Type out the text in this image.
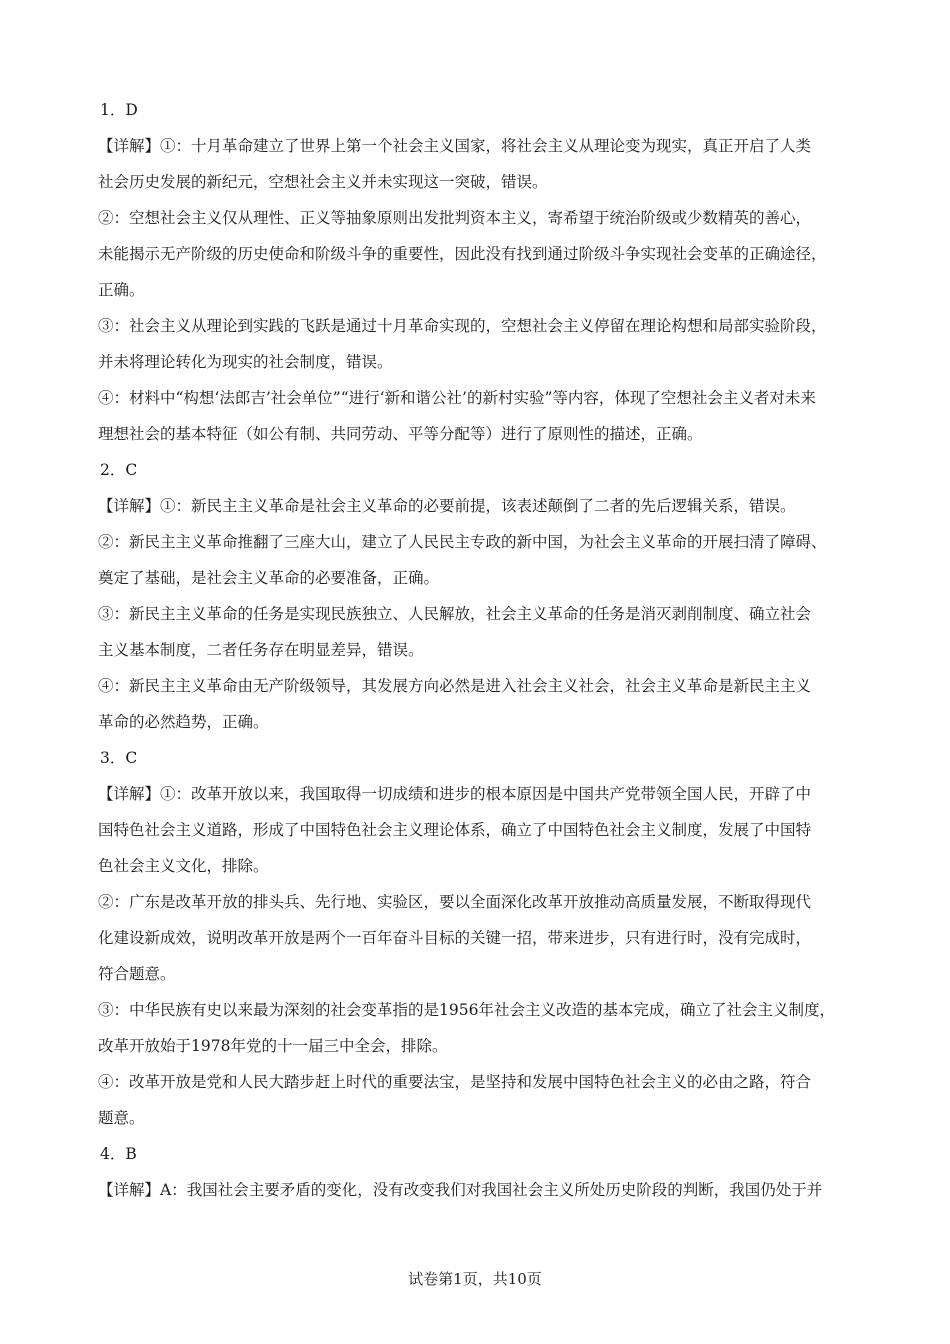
1．D
【详解】①：十月革命建立了世界上第一个社会主义国家，将社会主义从理论变为现实，真正开启了人类
社会历史发展的新纪元，空想社会主义并未实现这一突破，错误。
②：空想社会主义仅从理性、正义等抽象原则出发批判资本主义，寄希望于统治阶级或少数精英的善心，
未能揭示无产阶级的历史使命和阶级斗争的重要性，因此没有找到通过阶级斗争实现社会变革的正确途径，
正确。
③：社会主义从理论到实践的飞跃是通过十月革命实现的，空想社会主义停留在理论构想和局部实验阶段，
并未将理论转化为现实的社会制度，错误。
④：材料中“构想‘法郎吉’社会单位”“进行‘新和谐公社’的新村实验”等内容，体现了空想社会主义者对未来
理想社会的基本特征（如公有制、共同劳动、平等分配等）进行了原则性的描述，正确。
2．C
【详解】①：新民主主义革命是社会主义革命的必要前提，该表述颠倒了二者的先后逻辑关系，错误。
②：新民主主义革命推翻了三座大山，建立了人民民主专政的新中国，为社会主义革命的开展扫清了障碍、
奠定了基础，是社会主义革命的必要准备，正确。
③：新民主主义革命的任务是实现民族独立、人民解放，社会主义革命的任务是消灭剥削制度、确立社会
主义基本制度，二者任务存在明显差异，错误。
④：新民主主义革命由无产阶级领导，其发展方向必然是进入社会主义社会，社会主义革命是新民主主义
革命的必然趋势，正确。
3．C
【详解】①：改革开放以来，我国取得一切成绩和进步的根本原因是中国共产党带领全国人民，开辟了中
国特色社会主义道路，形成了中国特色社会主义理论体系，确立了中国特色社会主义制度，发展了中国特
色社会主义文化，排除。
②：广东是改革开放的排头兵、先行地、实验区，要以全面深化改革开放推动高质量发展，不断取得现代
化建设新成效，说明改革开放是两个一百年奋斗目标的关键一招，带来进步，只有进行时，没有完成时，
符合题意。
③：中华民族有史以来最为深刻的社会变革指的是1956年社会主义改造的基本完成，确立了社会主义制度，
改革开放始于1978年党的十一届三中全会，排除。
④：改革开放是党和人民大踏步赶上时代的重要法宝，是坚持和发展中国特色社会主义的必由之路，符合
题意。
4．B
【详解】A：我国社会主要矛盾的变化，没有改变我们对我国社会主义所处历史阶段的判断，我国仍处于并
试卷第1页，共10页
